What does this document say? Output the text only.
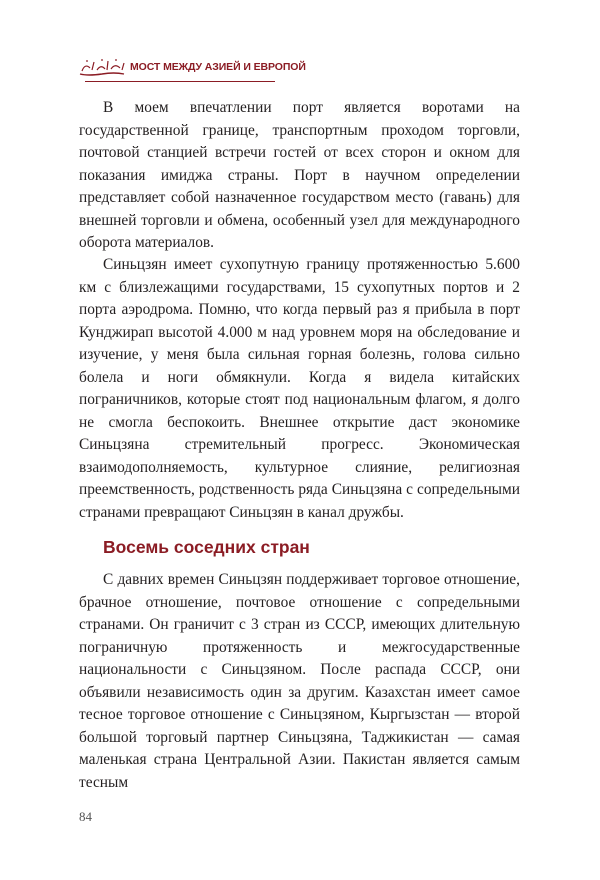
МОСТ МЕЖДУ АЗИЕЙ И ЕВРОПОЙ

В моем впечатлении порт является воротами на государственной границе, транспортным проходом торговли, почтовой станцией встречи гостей от всех сторон и окном для показания имиджа страны. Порт в научном определении представляет собой назначенное государством место (гавань) для внешней торговли и обмена, особенный узел для международного оборота материалов.

Синьцзян имеет сухопутную границу протяженностью 5.600 км с близлежащими государствами, 15 сухопутных портов и 2 порта аэродрома. Помню, что когда первый раз я прибыла в порт Кунджирап высотой 4.000 м над уровнем моря на обследование и изучение, у меня была сильная горная болезнь, голова сильно болела и ноги обмякнули. Когда я видела китайских пограничников, которые стоят под национальным флагом, я долго не смогла беспокоить. Внешнее открытие даст экономике Синьцзяна стремительный прогресс. Экономическая взаимодополняемость, культурное слияние, религиозная преемственность, родственность ряда Синьцзяна с сопредельными странами превращают Синьцзян в канал дружбы.

Восемь соседних стран

С давних времен Синьцзян поддерживает торговое отношение, брачное отношение, почтовое отношение с сопредельными странами. Он граничит с 3 стран из СССР, имеющих длительную пограничную протяженность и межгосударственные национальности с Синьцзяном. После распада СССР, они объявили независимость один за другим. Казахстан имеет самое тесное торговое отношение с Синьцзяном, Кыргызстан — второй большой торговый партнер Синьцзяна, Таджикистан — самая маленькая страна Центральной Азии. Пакистан является самым тесным

84
